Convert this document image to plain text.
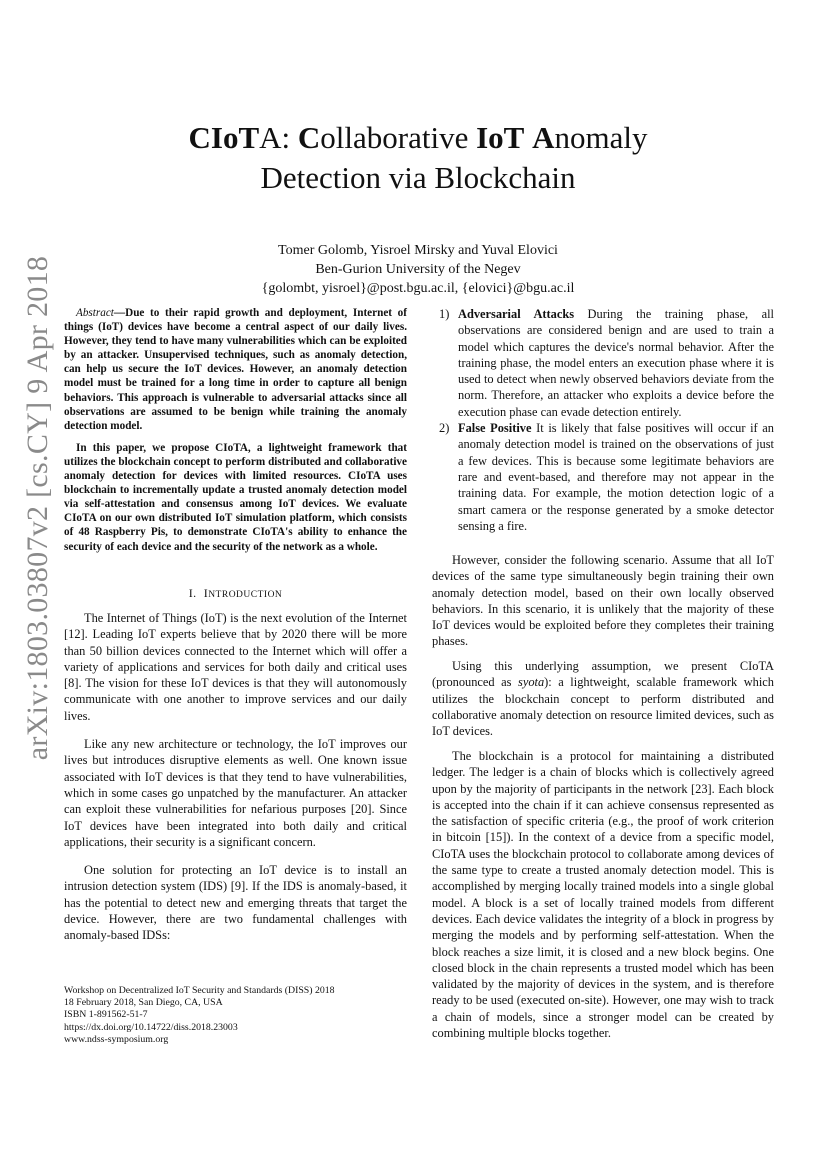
arXiv:1803.03807v2 [cs.CY] 9 Apr 2018
CIoTA: Collaborative IoT Anomaly
Detection via Blockchain
Tomer Golomb, Yisroel Mirsky and Yuval Elovici
Ben-Gurion University of the Negev
{golombt, yisroel}@post.bgu.ac.il, {elovici}@bgu.ac.il

Abstract—Due to their rapid growth and deployment, Internet of things (IoT) devices have become a central aspect of our daily lives. However, they tend to have many vulnerabilities which can be exploited by an attacker. Unsupervised techniques, such as anomaly detection, can help us secure the IoT devices. However, an anomaly detection model must be trained for a long time in order to capture all benign behaviors. This approach is vulnerable to adversarial attacks since all observations are assumed to be benign while training the anomaly detection model.

In this paper, we propose CIoTA, a lightweight framework that utilizes the blockchain concept to perform distributed and collaborative anomaly detection for devices with limited resources. CIoTA uses blockchain to incrementally update a trusted anomaly detection model via self-attestation and consensus among IoT devices. We evaluate CIoTA on our own distributed IoT simulation platform, which consists of 48 Raspberry Pis, to demonstrate CIoTA's ability to enhance the security of each device and the security of the network as a whole.

I. INTRODUCTION

The Internet of Things (IoT) is the next evolution of the Internet [12]. Leading IoT experts believe that by 2020 there will be more than 50 billion devices connected to the Internet which will offer a variety of applications and services for both daily and critical uses [8]. The vision for these IoT devices is that they will autonomously communicate with one another to improve services and our daily lives.

Like any new architecture or technology, the IoT improves our lives but introduces disruptive elements as well. One known issue associated with IoT devices is that they tend to have vulnerabilities, which in some cases go unpatched by the manufacturer. An attacker can exploit these vulnerabilities for nefarious purposes [20]. Since IoT devices have been integrated into both daily and critical applications, their security is a significant concern.

One solution for protecting an IoT device is to install an intrusion detection system (IDS) [9]. If the IDS is anomaly-based, it has the potential to detect new and emerging threats that target the device. However, there are two fundamental challenges with anomaly-based IDSs:

Workshop on Decentralized IoT Security and Standards (DISS) 2018
18 February 2018, San Diego, CA, USA
ISBN 1-891562-51-7
https://dx.doi.org/10.14722/diss.2018.23003
www.ndss-symposium.org
1) Adversarial Attacks During the training phase, all observations are considered benign and are used to train a model which captures the device's normal behavior. After the training phase, the model enters an execution phase where it is used to detect when newly observed behaviors deviate from the norm. Therefore, an attacker who exploits a device before the execution phase can evade detection entirely.
2) False Positive It is likely that false positives will occur if an anomaly detection model is trained on the observations of just a few devices. This is because some legitimate behaviors are rare and event-based, and therefore may not appear in the training data. For example, the motion detection logic of a smart camera or the response generated by a smoke detector sensing a fire.

However, consider the following scenario. Assume that all IoT devices of the same type simultaneously begin training their own anomaly detection model, based on their own locally observed behaviors. In this scenario, it is unlikely that the majority of these IoT devices would be exploited before they completes their training phases.

Using this underlying assumption, we present CIoTA (pronounced as syota): a lightweight, scalable framework which utilizes the blockchain concept to perform distributed and collaborative anomaly detection on resource limited devices, such as IoT devices.

The blockchain is a protocol for maintaining a distributed ledger. The ledger is a chain of blocks which is collectively agreed upon by the majority of participants in the network [23]. Each block is accepted into the chain if it can achieve consensus represented as the satisfaction of specific criteria (e.g., the proof of work criterion in bitcoin [15]). In the context of a device from a specific model, CIoTA uses the blockchain protocol to collaborate among devices of the same type to create a trusted anomaly detection model. This is accomplished by merging locally trained models into a single global model. A block is a set of locally trained models from different devices. Each device validates the integrity of a block in progress by merging the models and by performing self-attestation. When the block reaches a size limit, it is closed and a new block begins. One closed block in the chain represents a trusted model which has been validated by the majority of devices in the system, and is therefore ready to be used (executed on-site). However, one may wish to track a chain of models, since a stronger model can be created by combining multiple blocks together.
